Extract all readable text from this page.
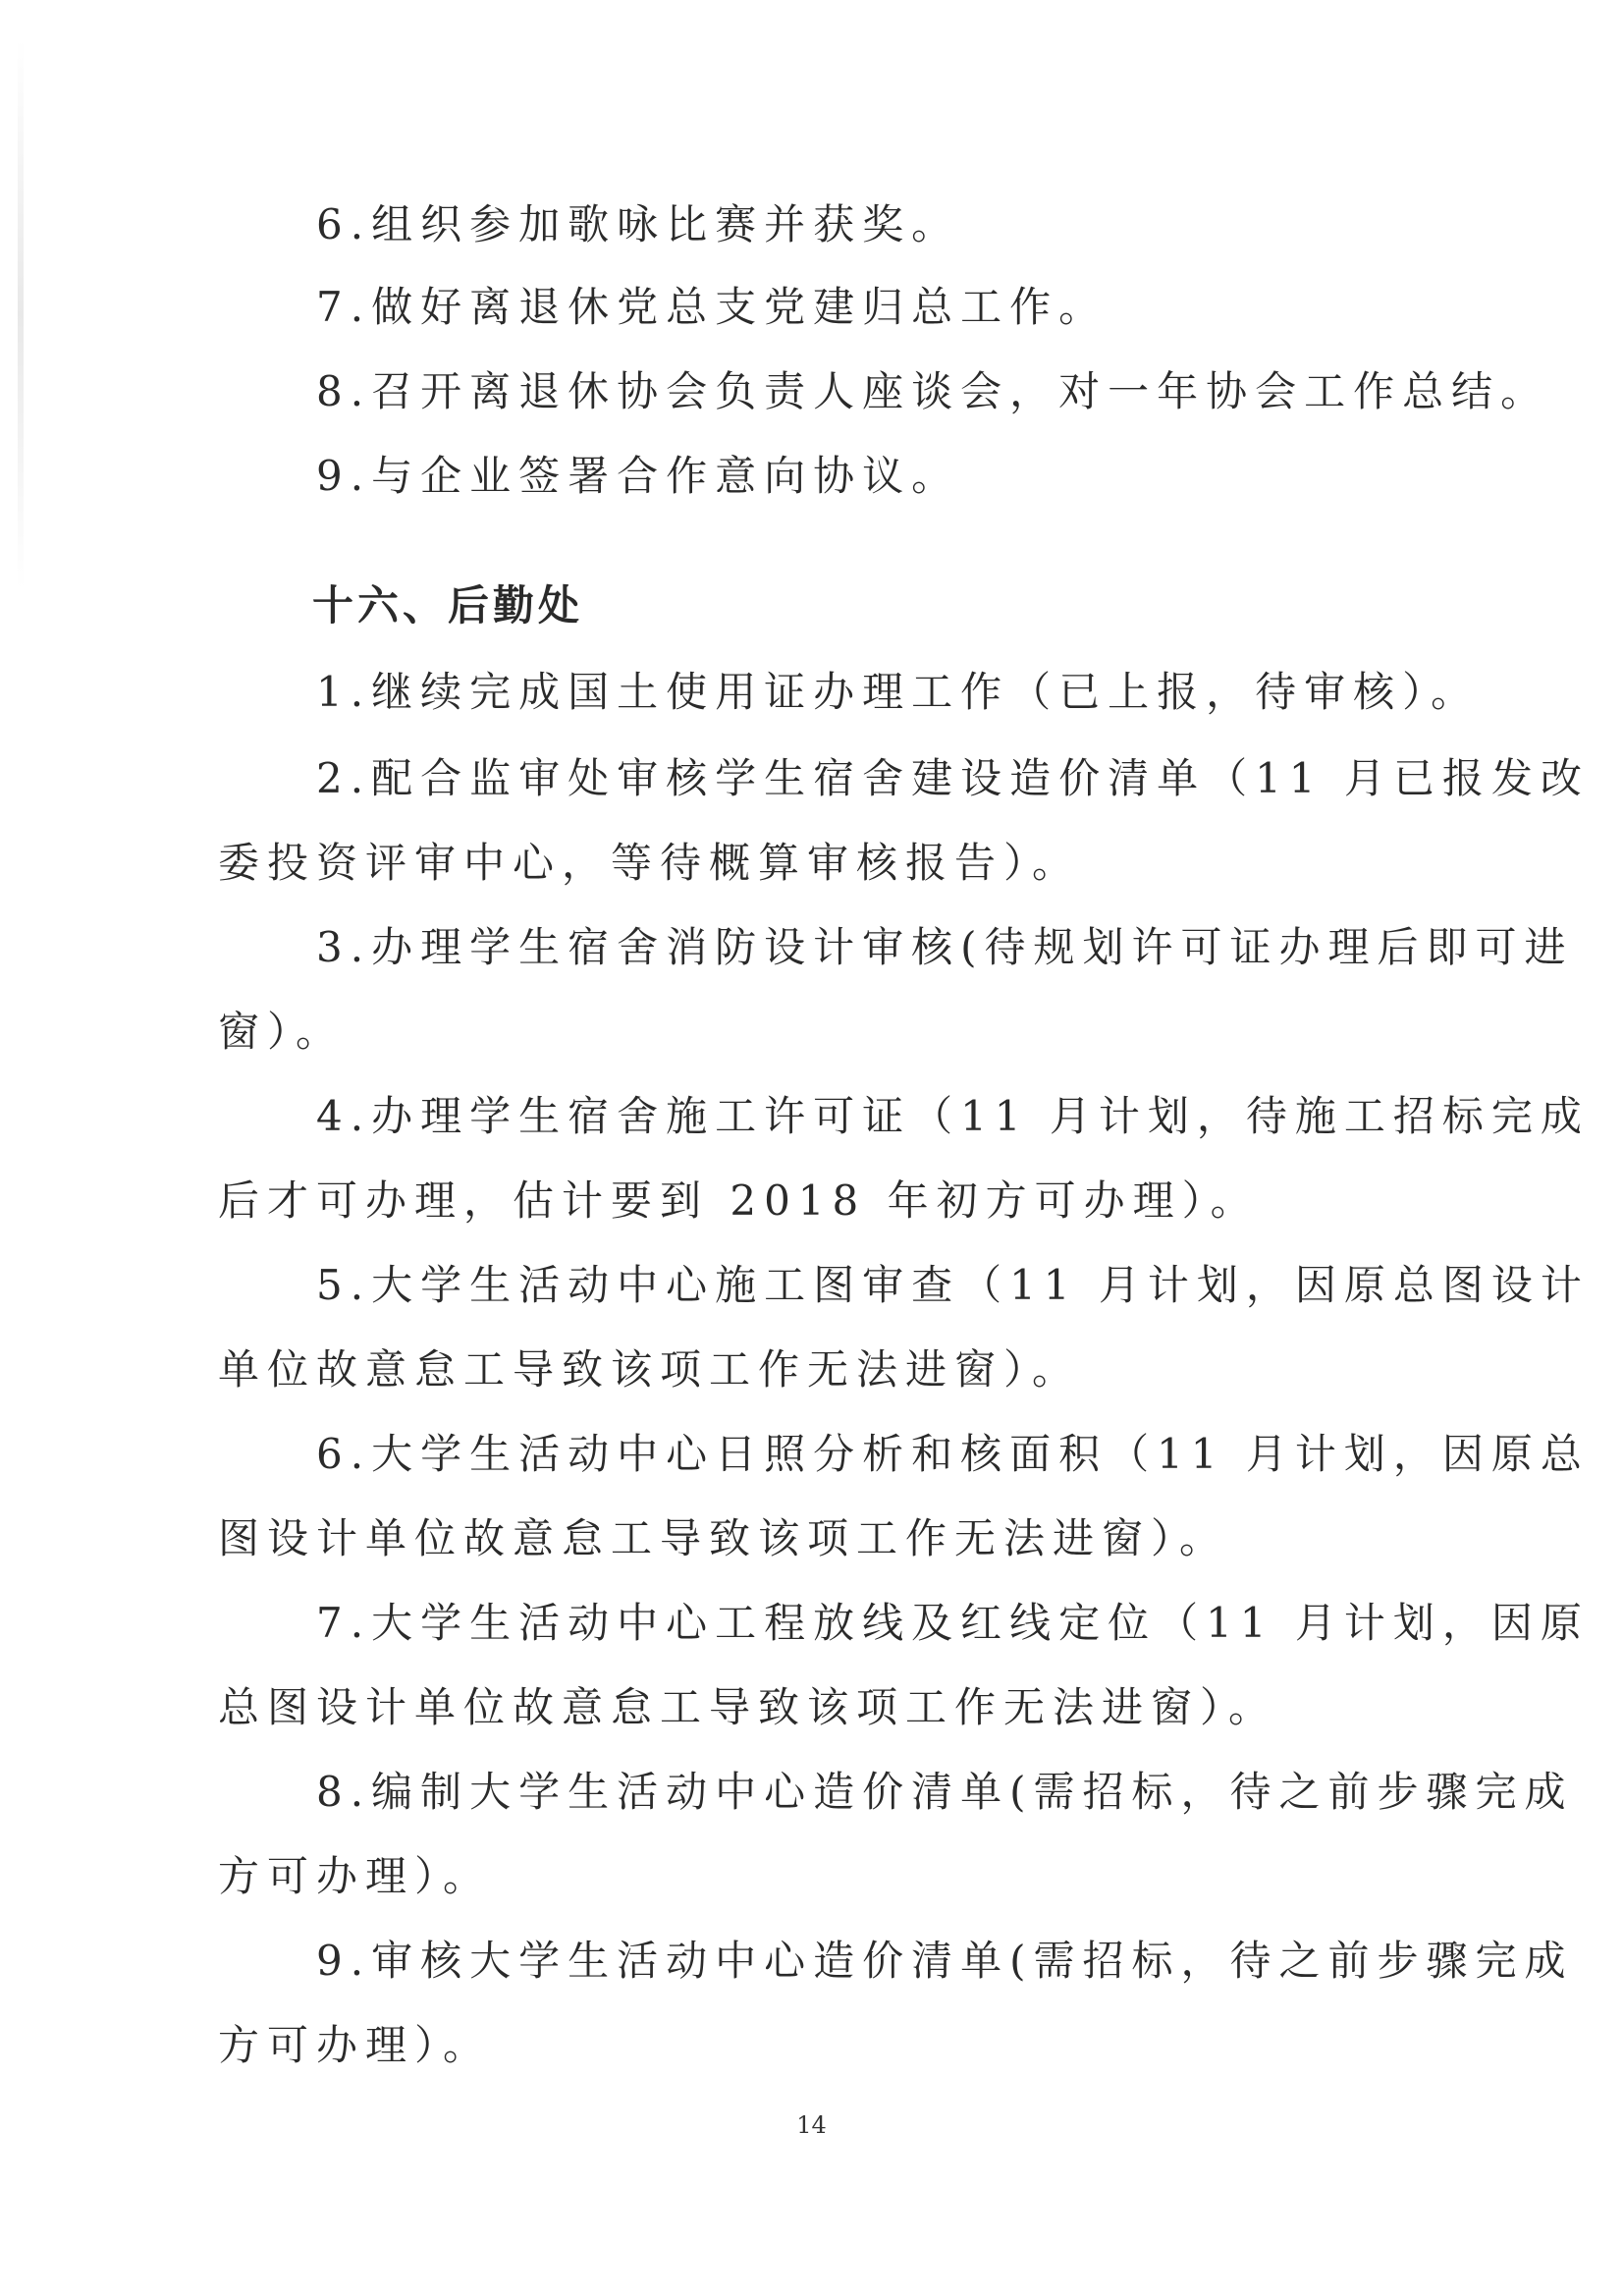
6.组织参加歌咏比赛并获奖。
7.做好离退休党总支党建归总工作。
8.召开离退休协会负责人座谈会，对一年协会工作总结。
9.与企业签署合作意向协议。
十六、后勤处
1.继续完成国土使用证办理工作（已上报，待审核）。
2.配合监审处审核学生宿舍建设造价清单（11 月已报发改
委投资评审中心，等待概算审核报告）。
3.办理学生宿舍消防设计审核(待规划许可证办理后即可进
窗）。
4.办理学生宿舍施工许可证（11 月计划，待施工招标完成
后才可办理，估计要到 2018 年初方可办理）。
5.大学生活动中心施工图审查（11 月计划，因原总图设计
单位故意怠工导致该项工作无法进窗）。
6.大学生活动中心日照分析和核面积（11 月计划，因原总
图设计单位故意怠工导致该项工作无法进窗）。
7.大学生活动中心工程放线及红线定位（11 月计划，因原
总图设计单位故意怠工导致该项工作无法进窗）。
8.编制大学生活动中心造价清单(需招标，待之前步骤完成
方可办理）。
9.审核大学生活动中心造价清单(需招标，待之前步骤完成
方可办理）。
14
